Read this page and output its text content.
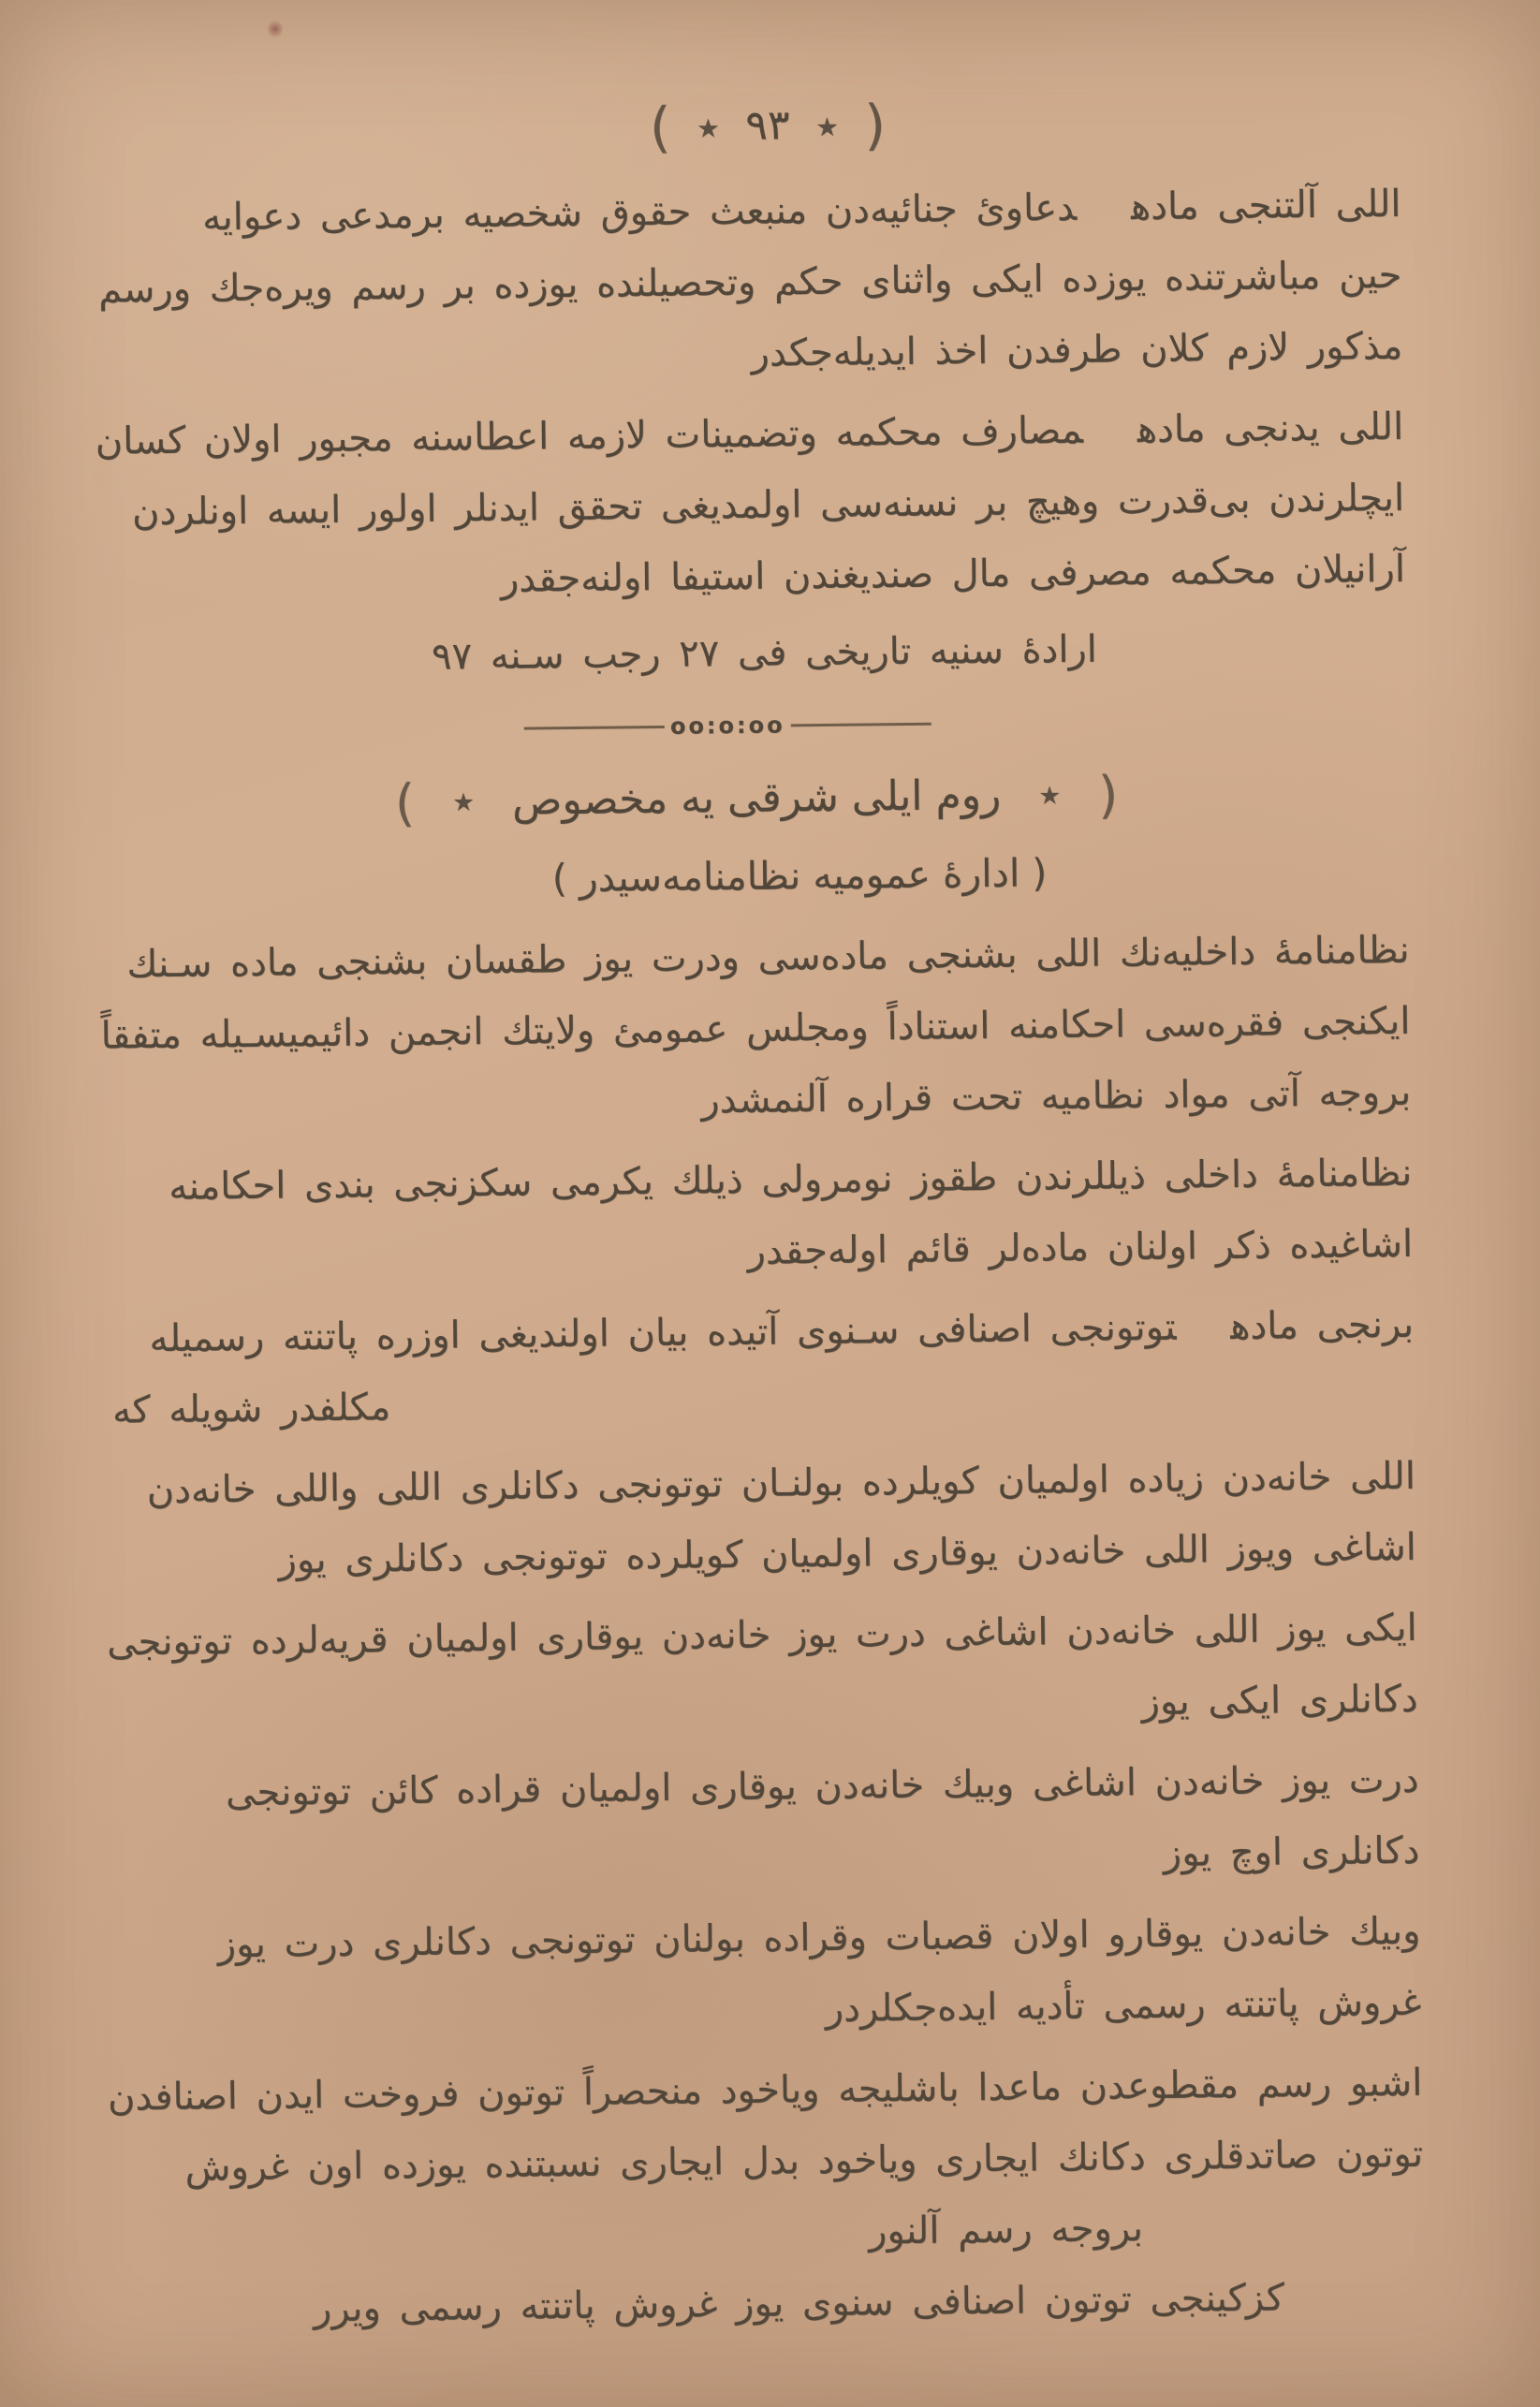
( ٭ ٩٣ ٭ )
اللی آلتنجی مادهدعاوئ جنائیه‌دن منبعث حقوق شخصیه برمدعی دعوایه
حین مباشرتنده یوزده ایکی واثنای حکم وتحصیلنده یوزده بر رسم ویره‌جك ورسم
مذکور لازم کلان طرفدن اخذ ایدیله‌جکدر
اللی یدنجی مادهمصارف محکمه وتضمینات لازمه اعطاسنه مجبور اولان کسان
ایچلرندن بی‌قدرت وهیچ بر نسنه‌سی اولمدیغی تحقق ایدنلر اولور ایسه اونلردن
آرانیلان محکمه مصرفی مال صندیغندن استیفا اولنه‌جقدر
اراده‌ٔ سنیه تاریخی فی ٢٧ رجب سـنه ٩٧
oo:o:oo
( ٭ روم ایلی شرقی یه مخصوص ٭ )
( اداره‌ٔ عمومیه نظامنامه‌سیدر )
نظامنامه‌ٔ داخلیه‌نك اللی بشنجی ماده‌سی ودرت یوز طقسان بشنجی ماده سـنك
ایکنجی فقره‌سی احکامنه استناداً ومجلس عمومئ ولایتك انجمن دائیمیسـیله متفقاً
بروجه آتی مواد نظامیه تحت قراره آلنمشدر
نظامنامه‌ٔ داخلی ذیللرندن طقوز نومرولی ذیلك یکرمی سکزنجی بندی احکامنه
اشاغیده ذکر اولنان ماده‌لر قائم اوله‌جقدر
برنجی مادهتوتونجی اصنافی سـنوی آتیده بیان اولندیغی اوزره پاتنته رسمیله
مکلفدر شویله که
اللی خانه‌دن زیاده اولمیان کویلرده بولنـان توتونجی دکانلری اللی واللی خانه‌دن
اشاغی ویوز اللی خانه‌دن یوقاری اولمیان کویلرده توتونجی دکانلری یوز
ایکی یوز اللی خانه‌دن اشاغی درت یوز خانه‌دن یوقاری اولمیان قریه‌لرده توتونجی
دکانلری ایکی یوز
درت یوز خانه‌دن اشاغی وبیك خانه‌دن یوقاری اولمیان قراده کائن توتونجی
دکانلری اوچ یوز
وبیك خانه‌دن یوقارو اولان قصبات وقراده بولنان توتونجی دکانلری درت یوز
غروش پاتنته رسمی تأدیه ایده‌جکلردر
اشبو رسم مقطوعدن ماعدا باشلیجه ویاخود منحصراً توتون فروخت ایدن اصنافدن
توتون صاتدقلری دکانك ایجاری ویاخود بدل ایجاری نسبتنده یوزده اون غروش
بروجه رسم آلنور
کزکینجی توتون اصنافی سنوی یوز غروش پاتنته رسمی ویرر
